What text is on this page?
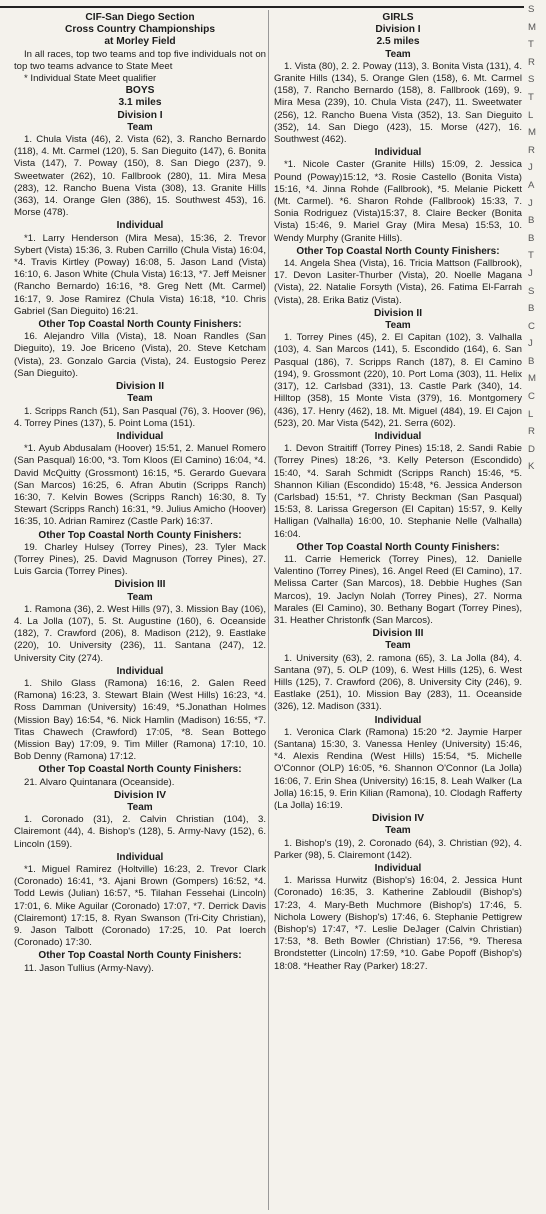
CIF-San Diego Section
Cross Country Championships
at Morley Field
In all races, top two teams and top five individuals not on top two teams advance to State Meet
* Individual State Meet qualifier
BOYS
3.1 miles
Division I
Team
1. Chula Vista (46), 2. Vista (62), 3. Rancho Bernardo (118), 4. Mt. Carmel (120), 5. San Dieguito (147), 6. Bonita Vista (147), 7. Poway (150), 8. San Diego (237), 9. Sweetwater (262), 10. Fallbrook (280), 11. Mira Mesa (283), 12. Rancho Buena Vista (308), 13. Granite Hills (363), 14. Orange Glen (386), 15. Southwest 453), 16. Morse (478).
Individual
*1. Larry Henderson (Mira Mesa), 15:36, 2. Trevor Sybert (Vista) 15:36, 3. Ruben Carrillo (Chula Vista) 16:04, *4. Travis Kirtley (Poway) 16:08, 5. Jason Land (Vista) 16:10, 6. Jason White (Chula Vista) 16:13, *7. Jeff Meisner (Rancho Bernardo) 16:16, *8. Greg Nett (Mt. Carmel) 16:17, 9. Jose Ramirez (Chula Vista) 16:18, *10. Chris Gabriel (San Dieguito) 16:21.
Other Top Coastal North County Finishers:
16. Alejandro Villa (Vista), 18. Noan Randles (San Dieguito), 19. Joe Briceno (Vista), 20. Steve Ketcham (Vista), 23. Gonzalo Garcia (Vista), 24. Eustogsio Perez (San Dieguito).
Division II
Team
1. Scripps Ranch (51), San Pasqual (76), 3. Hoover (96), 4. Torrey Pines (137), 5. Point Loma (151).
Individual
*1. Ayub Abdusalam (Hoover) 15:51, 2. Manuel Romero (San Pasqual) 16:00, *3. Tom Kloos (El Camino) 16:04, *4. David McQuitty (Grossmont) 16:15, *5. Gerardo Guevara (San Marcos) 16:25, 6. Afran Abutin (Scripps Ranch) 16:30, 7. Kelvin Bowes (Scripps Ranch) 16:30, 8. Ty Stewart (Scripps Ranch) 16:31, *9. Julius Amicho (Hoover) 16:35, 10. Adrian Ramirez (Castle Park) 16:37.
Other Top Coastal North County Finishers:
19. Charley Hulsey (Torrey Pines), 23. Tyler Mack (Torrey Pines), 25. David Magnuson (Torrey Pines), 27. Luis Garcia (Torrey Pines).
Division III
Team
1. Ramona (36), 2. West Hills (97), 3. Mission Bay (106), 4. La Jolla (107), 5. St. Augustine (160), 6. Oceanside (182), 7. Crawford (206), 8. Madison (212), 9. Eastlake (220), 10. University (236), 11. Santana (247), 12. University City (274).
Individual
1. Shilo Glass (Ramona) 16:16, 2. Galen Reed (Ramona) 16:23, 3. Stewart Blain (West Hills) 16:23, *4. Ross Damman (University) 16:49, *5.Jonathan Holmes (Mission Bay) 16:54, *6. Nick Hamlin (Madison) 16:55, *7. Titas Chawech (Crawford) 17:05, *8. Sean Bottego (Mission Bay) 17:09, 9. Tim Miller (Ramona) 17:10, 10. Bob Denny (Ramona) 17:12.
Other Top Coastal North County Finishers:
21. Alvaro Quintanara (Oceanside).
Division IV
Team
1. Coronado (31), 2. Calvin Christian (104), 3. Clairemont (44), 4. Bishop's (128), 5. Army-Navy (152), 6. Lincoln (159).
Individual
*1. Miguel Ramirez (Holtville) 16:23, 2. Trevor Clark (Coronado) 16:41, *3. Ajani Brown (Gompers) 16:52, *4. Todd Lewis (Julian) 16:57, *5. Tilahan Fessehai (Lincoln) 17:01, 6. Mike Aguilar (Coronado) 17:07, *7. Derrick Davis (Clairemont) 17:15, 8. Ryan Swanson (Tri-City Christian), 9. Jason Talbott (Coronado) 17:25, 10. Pat Ioerch (Coronado) 17:30.
Other Top Coastal North County Finishers:
11. Jason Tullius (Army-Navy).
GIRLS
Division I
2.5 miles
Team
1. Vista (80), 2. 2. Poway (113), 3. Bonita Vista (131), 4. Granite Hills (134), 5. Orange Glen (158), 6. Mt. Carmel (158), 7. Rancho Bernardo (158), 8. Fallbrook (169), 9. Mira Mesa (239), 10. Chula Vista (247), 11. Sweetwater (256), 12. Rancho Buena Vista (352), 13. San Dieguito (352), 14. San Diego (423), 15. Morse (427), 16. Southwest (462).
Individual
*1. Nicole Caster (Granite Hills) 15:09, 2. Jessica Pound (Poway)15:12, *3. Rosie Castello (Bonita Vista) 15:16, *4. Jinna Rohde (Fallbrook), *5. Melanie Pickett (Mt. Carmel). *6. Sharon Rohde (Fallbrook) 15:33, 7. Sonia Rodriguez (Vista)15:37, 8. Claire Becker (Bonita Vista) 15:46, 9. Mariel Gray (Mira Mesa) 15:53, 10. Wendy Murphy (Granite Hills).
Other Top Coastal North County Finishers:
14. Angela Shea (Vista), 16. Tricia Mattson (Fallbrook), 17. Devon Lasiter-Thurber (Vista), 20. Noelle Magana (Vista), 22. Natalie Forsyth (Vista), 26. Fatima El-Farrah (Vista), 28. Erika Batiz (Vista).
Division II
Team
1. Torrey Pines (45), 2. El Capitan (102), 3. Valhalla (103), 4. San Marcos (141), 5. Escondido (164), 6. San Pasqual (186), 7. Scripps Ranch (187), 8. El Camino (194), 9. Grossmont (220), 10. Port Loma (303), 11. Helix (317), 12. Carlsbad (331), 13. Castle Park (340), 14. Hilltop (358), 15 Monte Vista (379), 16. Montgomery (436), 17. Henry (462), 18. Mt. Miguel (484), 19. El Cajon (523), 20. Mar Vista (542), 21. Serra (602).
Individual
1. Devon Straitiff (Torrey Pines) 15:18, 2. Sandi Rabie (Torrey Pines) 18:26, *3. Kelly Peterson (Escondido) 15:40, *4. Sarah Schmidt (Scripps Ranch) 15:46, *5. Shannon Kilian (Escondido) 15:48, *6. Jessica Anderson (Carlsbad) 15:51, *7. Christy Beckman (San Pasqual) 15:53, 8. Larissa Gregerson (El Capitan) 15:57, 9. Kelly Halligan (Valhalla) 16:00, 10. Stephanie Nelle (Valhalla) 16:04.
Other Top Coastal North County Finishers:
11. Carrie Hemerick (Torrey Pines), 12. Danielle Valentino (Torrey Pines), 16. Angel Reed (El Camino), 17. Melissa Carter (San Marcos), 18. Debbie Hughes (San Marcos), 19. Jaclyn Nolah (Torrey Pines), 27. Norma Marales (El Camino), 30. Bethany Bogart (Torrey Pines), 31. Heather Christonfk (San Marcos).
Division III
Team
1. University (63), 2. ramona (65), 3. La Jolla (84), 4. Santana (97), 5. OLP (109), 6. West Hills (125), 6. West Hills (125), 7. Crawford (206), 8. University City (246), 9. Eastlake (251), 10. Mission Bay (283), 11. Oceanside (326), 12. Madison (331).
Individual
1. Veronica Clark (Ramona) 15:20 *2. Jaymie Harper (Santana) 15:30, 3. Vanessa Henley (University) 15:46, *4. Alexis Rendina (West Hills) 15:54, *5. Michelle O'Connor (OLP) 16:05, *6. Shannon O'Connor (La Jolla) 16:06, 7. Erin Shea (University) 16:15, 8. Leah Walker (La Jolla) 16:15, 9. Erin Kilian (Ramona), 10. Clodagh Rafferty (La Jolla) 16:19.
Division IV
Team
1. Bishop's (19), 2. Coronado (64), 3. Christian (92), 4. Parker (98), 5. Clairemont (142).
Individual
1. Marissa Hurwitz (Bishop's) 16:04, 2. Jessica Hunt (Coronado) 16:35, 3. Katherine Zabloudil (Bishop's) 17:23, 4. Mary-Beth Muchmore (Bishop's) 17:46, 5. Nichola Lowery (Bishop's) 17:46, 6. Stephanie Pettigrew (Bishop's) 17:47, *7. Leslie DeJager (Calvin Christian) 17:53, *8. Beth Bowler (Christian) 17:56, *9. Theresa Brondstetter (Lincoln) 17:59, *10. Gabe Popoff (Bishop's) 18:08. *Heather Ray (Parker) 18:27.
S
M
T
R
S
T
L
M
R
J
A
J
B
B
T
J
S
B
C
J
B
M
C
L
R
D
K
